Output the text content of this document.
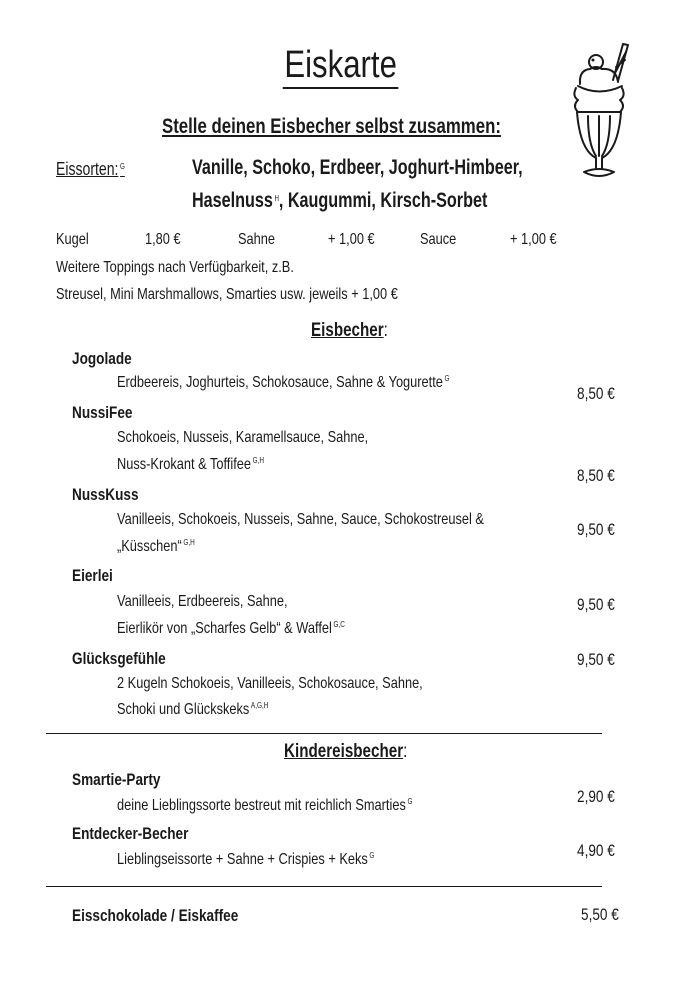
Eiskarte
Stelle deinen Eisbecher selbst zusammen:
Eissorten: $^G$	Vanille, Schoko, Erdbeer, Joghurt-Himbeer,
Haselnuss $^H$, Kaugummi, Kirsch-Sorbet
Kugel	1,80 €	Sahne	+ 1,00 €	Sauce	+ 1,00 €
Weitere Toppings nach Verfügbarkeit, z.B.
Streusel, Mini Marshmallows, Smarties usw. jeweils + 1,00 €
Eisbecher:
Jogolade
Erdbeereis, Joghurteis, Schokosauce, Sahne & Yogurette $^G$
8,50 €
NussiFee
Schokoeis, Nusseis, Karamellsauce, Sahne,
Nuss-Krokant & Toffifee $^{G,H}$
8,50 €
NussKuss
Vanilleeis, Schokoeis, Nusseis, Sahne, Sauce, Schokostreusel &
„Küsschen“ $^{G,H}$
9,50 €
Eierlei
Vanilleeis, Erdbeereis, Sahne,
Eierlikör von „Scharfes Gelb“ & Waffel $^{G,C}$
9,50 €
Glücksgefühle
2 Kugeln Schokoeis, Vanilleeis, Schokosauce, Sahne,
Schoki und Glückskeks $^{A,G,H}$
9,50 €
Kindereisbecher:
Smartie-Party
deine Lieblingssorte bestreut mit reichlich Smarties $^G$	2,90 €
Entdecker-Becher
Lieblingseissorte + Sahne + Crispies + Keks $^G$	4,90 €
Eisschokolade / Eiskaffee	5,50 €
